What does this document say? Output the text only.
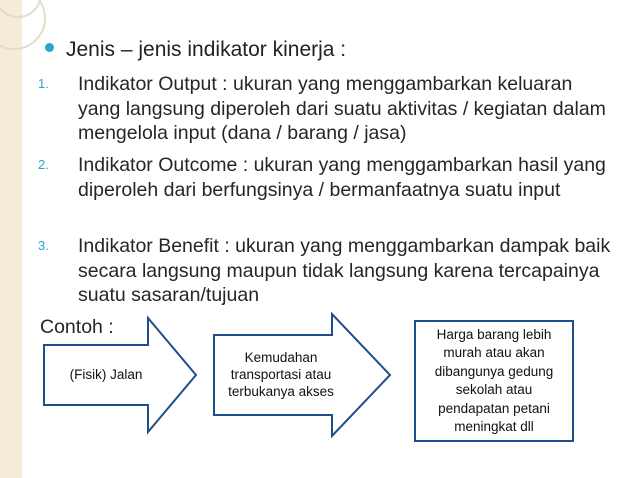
Jenis – jenis indikator kinerja :
1. Indikator Output : ukuran yang menggambarkan keluaran yang langsung diperoleh dari suatu aktivitas / kegiatan dalam mengelola input (dana / barang / jasa)
2. Indikator Outcome : ukuran yang menggambarkan hasil yang diperoleh dari berfungsinya / bermanfaatnya suatu input
3. Indikator Benefit : ukuran yang menggambarkan dampak baik secara langsung maupun tidak langsung karena tercapainya suatu sasaran/tujuan
Contoh :
(Fisik) Jalan
Kemudahan transportasi atau terbukanya akses
Harga barang lebih murah atau akan dibangunya gedung sekolah atau pendapatan petani meningkat dll
